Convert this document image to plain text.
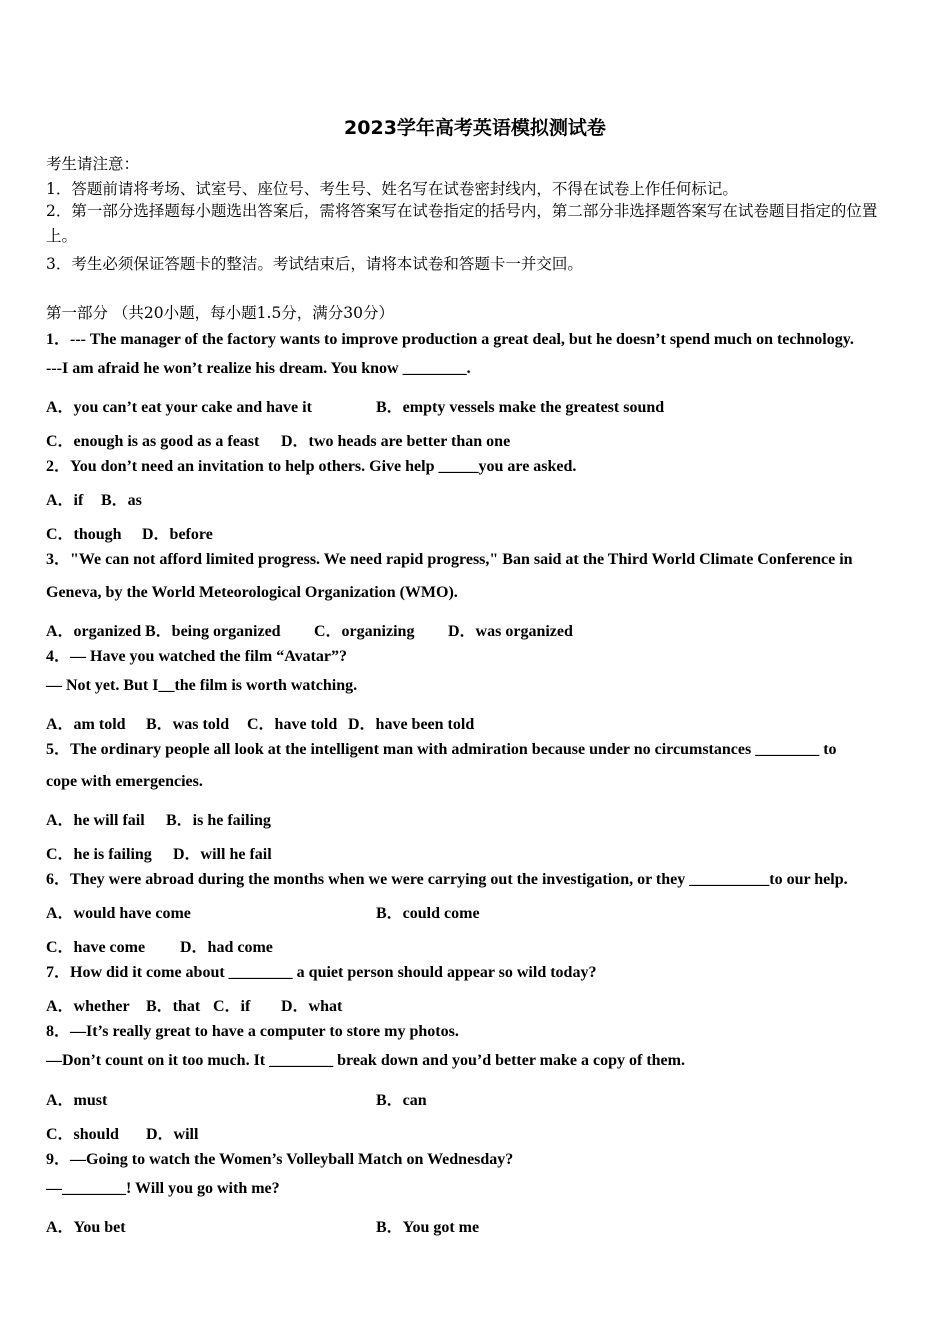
2023学年高考英语模拟测试卷
考生请注意：
1．答题前请将考场、试室号、座位号、考生号、姓名写在试卷密封线内，不得在试卷上作任何标记。
2．第一部分选择题每小题选出答案后，需将答案写在试卷指定的括号内，第二部分非选择题答案写在试卷题目指定的位置上。
3．考生必须保证答题卡的整洁。考试结束后，请将本试卷和答题卡一并交回。
第一部分 （共20小题，每小题1.5分，满分30分）
1．--- The manager of the factory wants to improve production a great deal, but he doesn’t spend much on technology.
---I am afraid he won’t realize his dream. You know ________.
A．you can’t eat your cake and have it	B．empty vessels make the greatest sound
C．enough is as good as a feast D．two heads are better than one
2．You don’t need an invitation to help others. Give help _____you are asked.
A．if B．as
C．though D．before
3．"We can not afford limited progress. We need rapid progress," Ban said at the Third World Climate Conference in
Geneva, by the World Meteorological Organization (WMO).
A．organized B．being organized C．organizing D．was organized
4．— Have you watched the film “Avatar”?
— Not yet. But I__the film is worth watching.
A．am told B．was told C．have told D．have been told
5．The ordinary people all look at the intelligent man with admiration because under no circumstances ________ to
cope with emergencies.
A．he will fail B．is he failing
C．he is failing D．will he fail
6．They were abroad during the months when we were carrying out the investigation, or they __________to our help.
A．would have come	B．could come
C．have come D．had come
7．How did it come about ________ a quiet person should appear so wild today?
A．whether B．that C．if D．what
8．—It’s really great to have a computer to store my photos.
—Don’t count on it too much. It ________ break down and you’d better make a copy of them.
A．must	B．can
C．should D．will
9．—Going to watch the Women’s Volleyball Match on Wednesday?
—________! Will you go with me?
A．You bet	B．You got me
